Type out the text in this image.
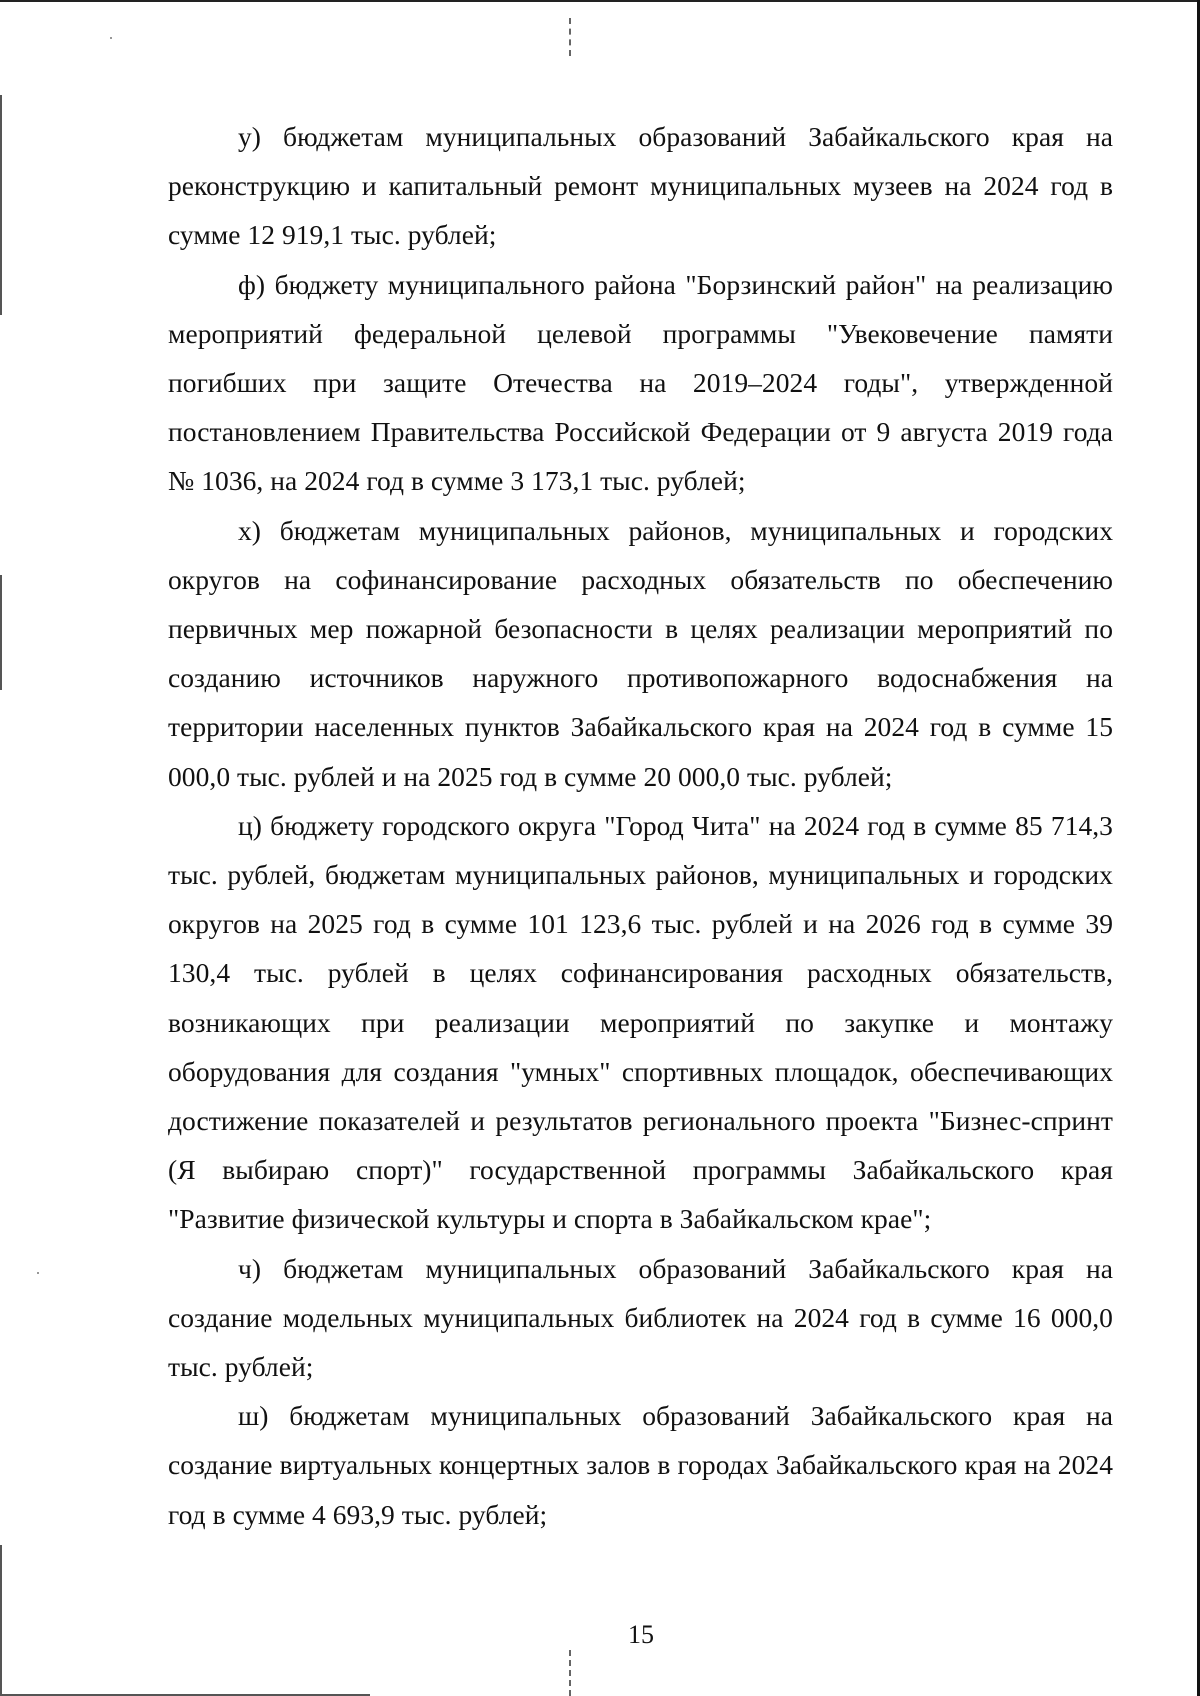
у) бюджетам муниципальных образований Забайкальского края на реконструкцию и капитальный ремонт муниципальных музеев на 2024 год в сумме 12 919,1 тыс. рублей;

ф) бюджету муниципального района "Борзинский район" на реализацию мероприятий федеральной целевой программы "Увековечение памяти погибших при защите Отечества на 2019–2024 годы", утвержденной постановлением Правительства Российской Федерации от 9 августа 2019 года № 1036, на 2024 год в сумме 3 173,1 тыс. рублей;

х) бюджетам муниципальных районов, муниципальных и городских округов на софинансирование расходных обязательств по обеспечению первичных мер пожарной безопасности в целях реализации мероприятий по созданию источников наружного противопожарного водоснабжения на территории населенных пунктов Забайкальского края на 2024 год в сумме 15 000,0 тыс. рублей и на 2025 год в сумме 20 000,0 тыс. рублей;

ц) бюджету городского округа "Город Чита" на 2024 год в сумме 85 714,3 тыс. рублей, бюджетам муниципальных районов, муниципальных и городских округов на 2025 год в сумме 101 123,6 тыс. рублей и на 2026 год в сумме 39 130,4 тыс. рублей в целях софинансирования расходных обязательств, возникающих при реализации мероприятий по закупке и монтажу оборудования для создания "умных" спортивных площадок, обеспечивающих достижение показателей и результатов регионального проекта "Бизнес-спринт (Я выбираю спорт)" государственной программы Забайкальского края "Развитие физической культуры и спорта в Забайкальском крае";

ч) бюджетам муниципальных образований Забайкальского края на создание модельных муниципальных библиотек на 2024 год в сумме 16 000,0 тыс. рублей;

ш) бюджетам муниципальных образований Забайкальского края на создание виртуальных концертных залов в городах Забайкальского края на 2024 год в сумме 4 693,9 тыс. рублей;

15
